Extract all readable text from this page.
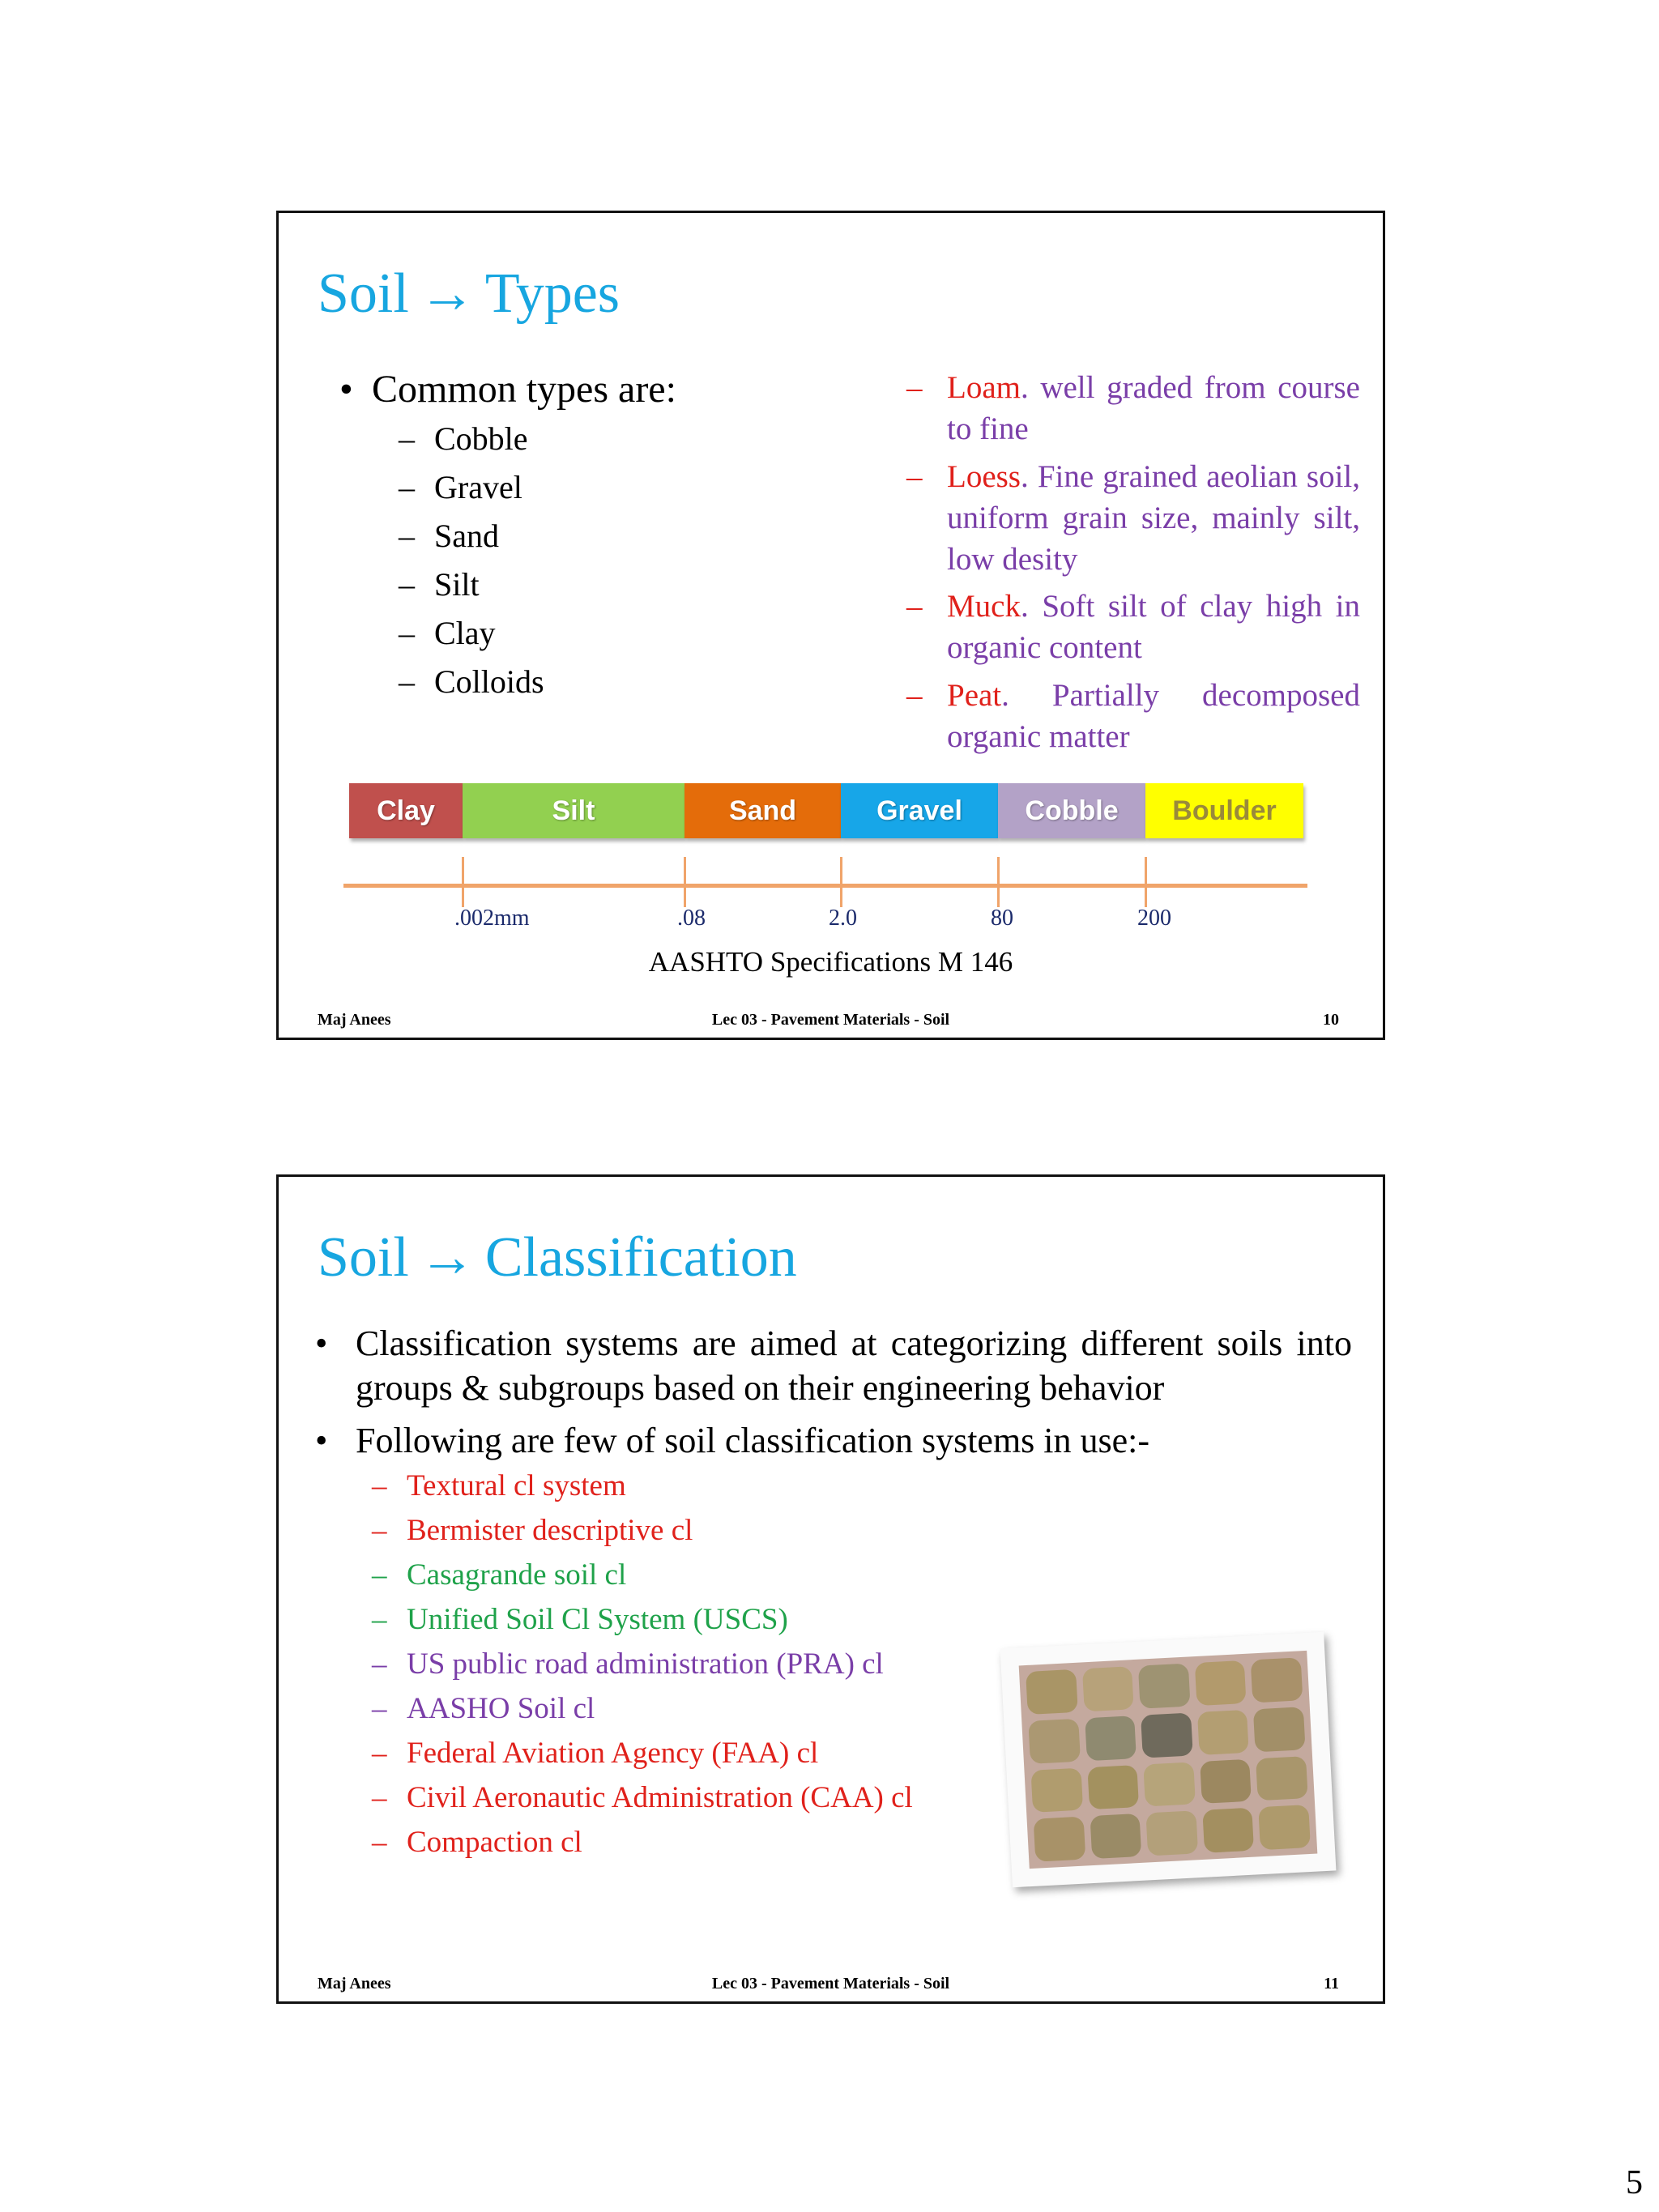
Soil → Types
• Common types are:
– Cobble
– Gravel
– Sand
– Silt
– Clay
– Colloids
– Loam. well graded from course to fine
– Loess. Fine grained aeolian soil, uniform grain size, mainly silt, low desity
– Muck. Soft silt of clay high in organic content
– Peat. Partially decomposed organic matter
Clay	Silt	Sand	Gravel	Cobble	Boulder
.002mm	.08	2.0	80	200
AASHTO Specifications M 146
Maj Anees	Lec 03 - Pavement Materials - Soil	10
Soil → Classification
• Classification systems are aimed at categorizing different soils into groups & subgroups based on their engineering behavior
• Following are few of soil classification systems in use:-
– Textural cl system
– Bermister descriptive cl
– Casagrande soil cl
– Unified Soil Cl System (USCS)
– US public road administration (PRA) cl
– AASHO Soil cl
– Federal Aviation Agency (FAA) cl
– Civil Aeronautic Administration (CAA) cl
– Compaction cl
Maj Anees	Lec 03 - Pavement Materials - Soil	11
5
